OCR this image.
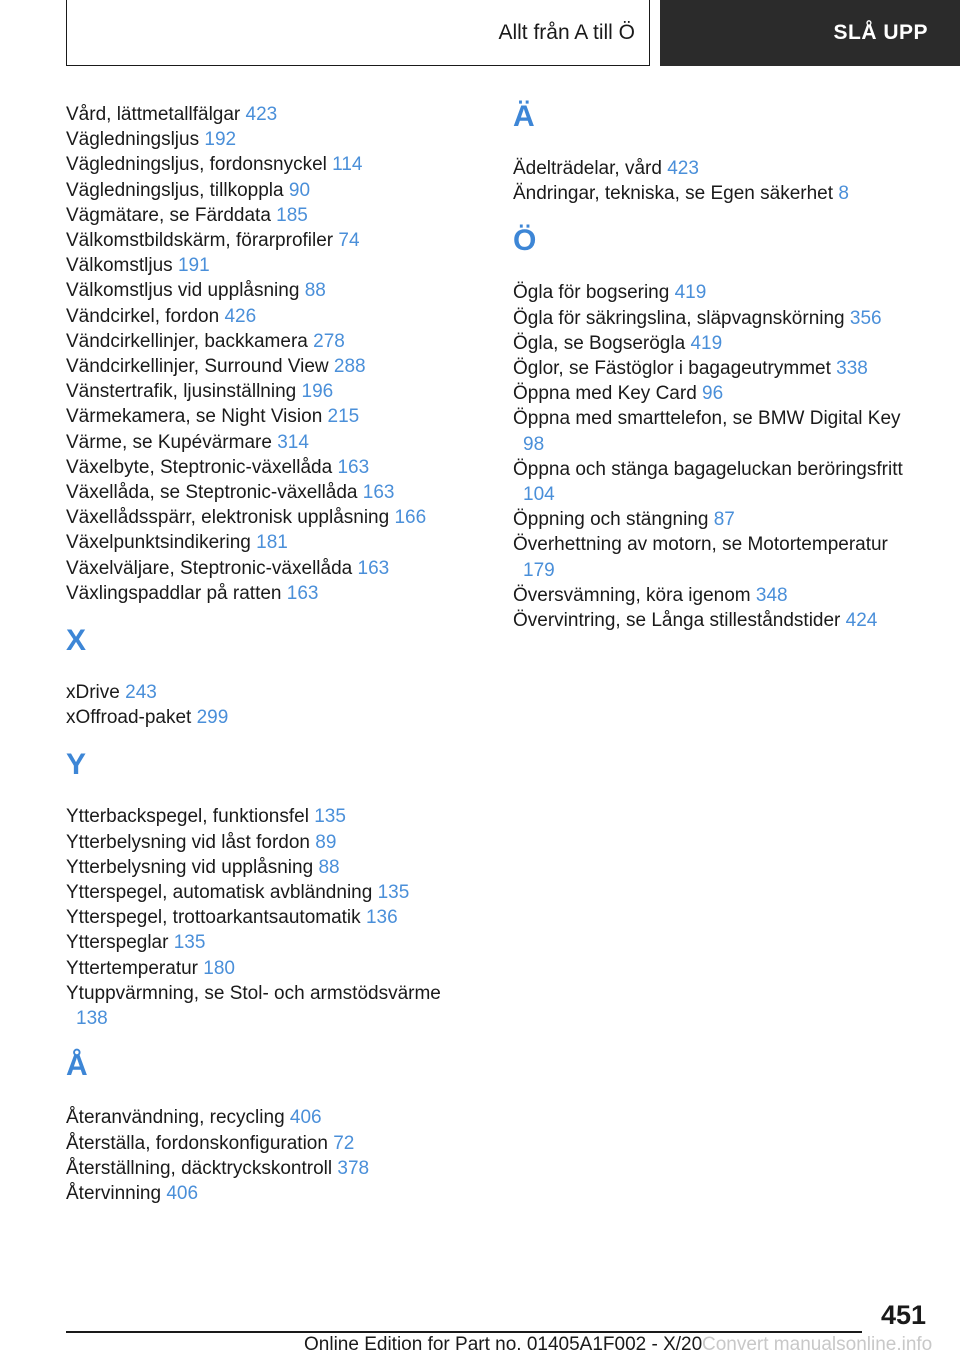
Allt från A till Ö	SLÅ UPP
Vård, lättmetallfälgar 423
Vägledningsljus 192
Vägledningsljus, fordonsnyckel 114
Vägledningsljus, tillkoppla 90
Vägmätare, se Färddata 185
Välkomstbildskärm, förarprofiler 74
Välkomstljus 191
Välkomstljus vid upplåsning 88
Vändcirkel, fordon 426
Vändcirkellinjer, backkamera 278
Vändcirkellinjer, Surround View 288
Vänstertrafik, ljusinställning 196
Värmekamera, se Night Vision 215
Värme, se Kupévärmare 314
Växelbyte, Steptronic-växellåda 163
Växellåda, se Steptronic-växellåda 163
Växellådsspärr, elektronisk upplåsning 166
Växelpunktsindikering 181
Växelväljare, Steptronic-växellåda 163
Växlingspaddlar på ratten 163
X
xDrive 243
xOffroad-paket 299
Y
Ytterbackspegel, funktionsfel 135
Ytterbelysning vid låst fordon 89
Ytterbelysning vid upplåsning 88
Ytterspegel, automatisk avbländning 135
Ytterspegel, trottoarkantsautomatik 136
Ytterspeglar 135
Yttertemperatur 180
Ytuppvärmning, se Stol- och armstödsvärme 138
Å
Återanvändning, recycling 406
Återställa, fordonskonfiguration 72
Återställning, däcktryckskontroll 378
Återvinning 406
Ä
Ädelträdelar, vård 423
Ändringar, tekniska, se Egen säkerhet 8
Ö
Ögla för bogsering 419
Ögla för säkringslina, släpvagnskörning 356
Ögla, se Bogserögla 419
Öglor, se Fästöglor i bagageutrymmet 338
Öppna med Key Card 96
Öppna med smarttelefon, se BMW Digital Key 98
Öppna och stänga bagageluckan beröringsfritt 104
Öppning och stängning 87
Överhettning av motorn, se Motortemperatur 179
Översvämning, köra igenom 348
Övervintring, se Långa stilleståndstider 424
451
Online Edition for Part no. 01405A1F002 - X/20 Convert manualsonline.info
